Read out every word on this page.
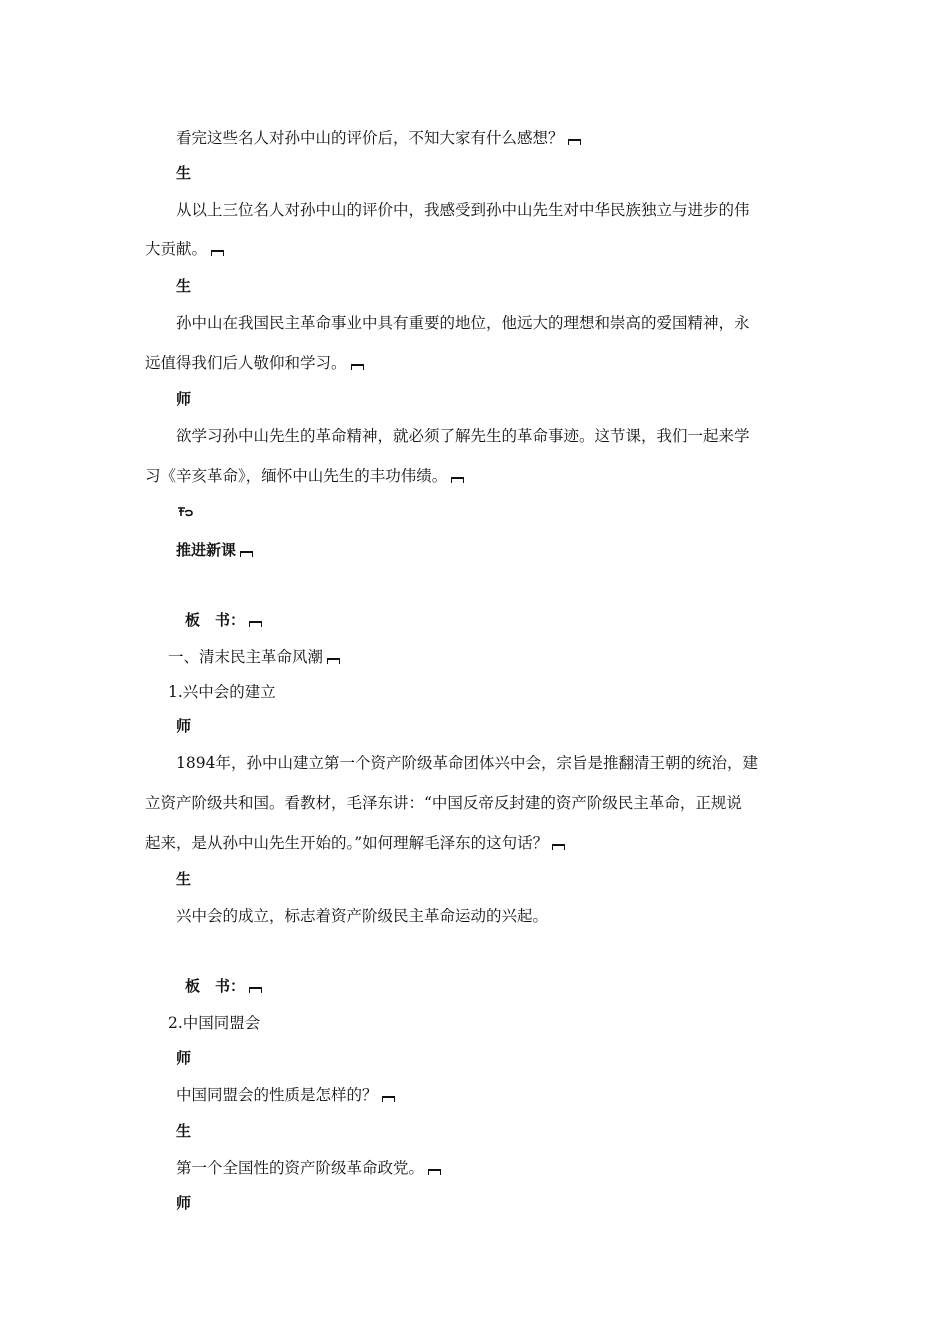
看完这些名人对孙中山的评价后，不知大家有什么感想？
生
从以上三位名人对孙中山的评价中，我感受到孙中山先生对中华民族独立与进步的伟
大贡献。
生
孙中山在我国民主革命事业中具有重要的地位，他远大的理想和崇高的爱国精神，永
远值得我们后人敬仰和学习。
师
欲学习孙中山先生的革命精神，就必须了解先生的革命事迹。这节课，我们一起来学
习《辛亥革命》，缅怀中山先生的丰功伟绩。
推进新课
板　书：
一、清末民主革命风潮
1.兴中会的建立
师
1894年，孙中山建立第一个资产阶级革命团体兴中会，宗旨是推翻清王朝的统治，建
立资产阶级共和国。看教材，毛泽东讲：“中国反帝反封建的资产阶级民主革命，正规说
起来，是从孙中山先生开始的。”如何理解毛泽东的这句话？
生
兴中会的成立，标志着资产阶级民主革命运动的兴起。
板　书：
2.中国同盟会
师
中国同盟会的性质是怎样的？
生
第一个全国性的资产阶级革命政党。
师
